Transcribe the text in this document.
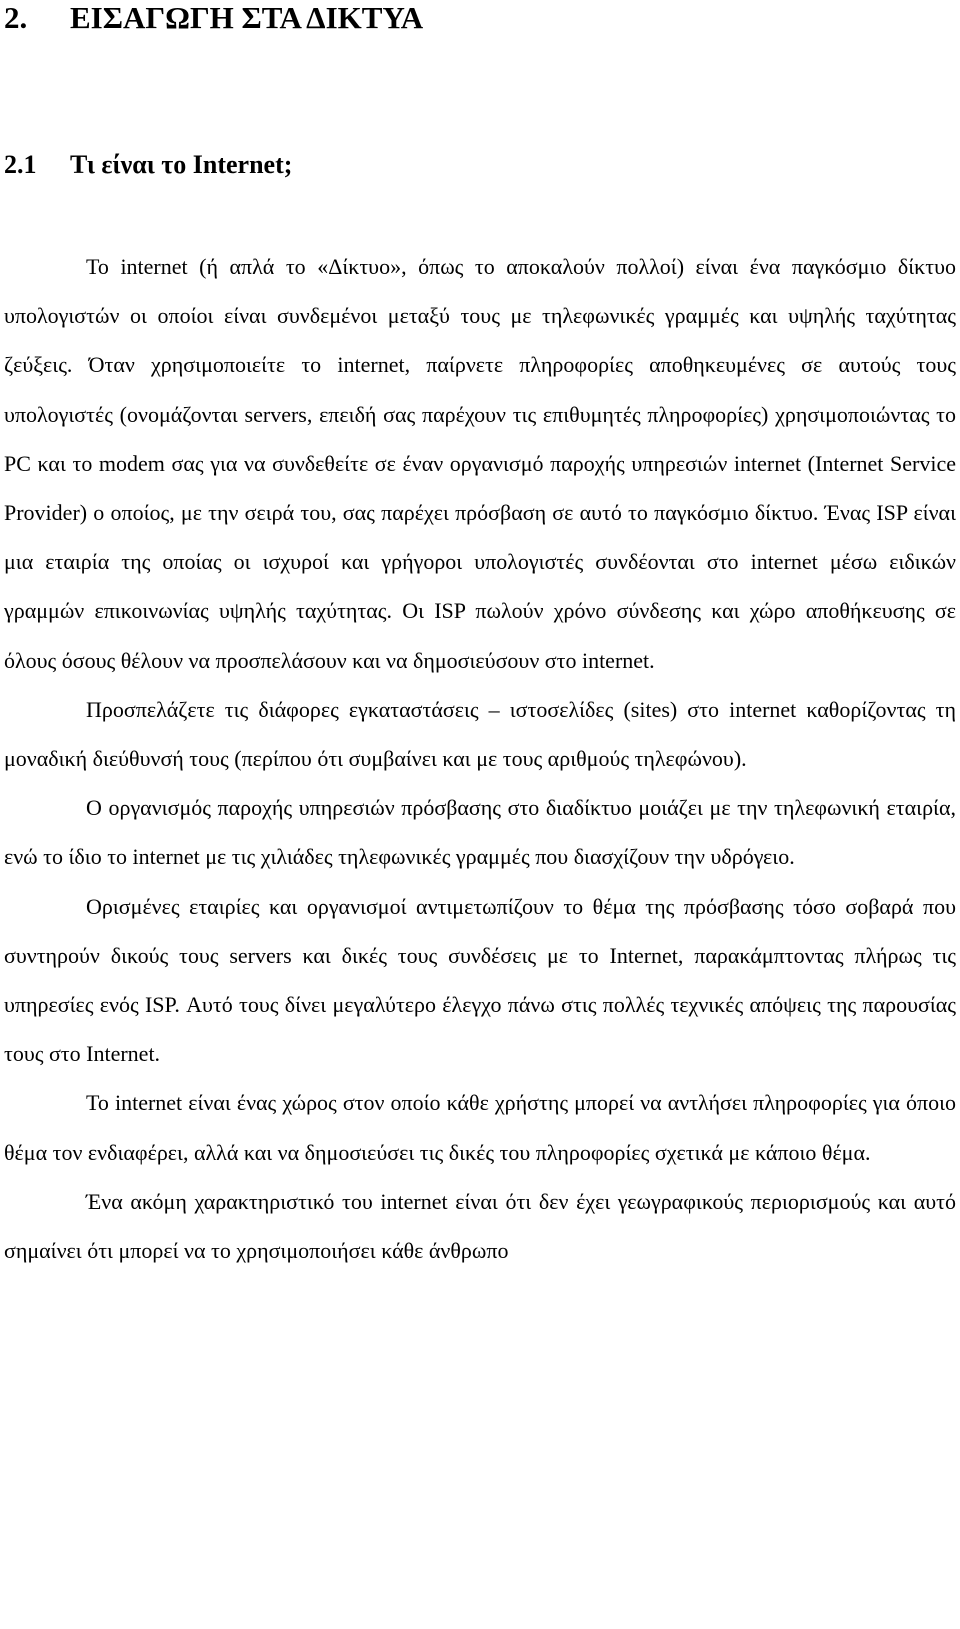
2. ΕΙΣΑΓΩΓΗ ΣΤΑ ΔΙΚΤΥΑ
2.1 Τι είναι το Internet;

Το internet (ή απλά το «Δίκτυο», όπως το αποκαλούν πολλοί) είναι ένα παγκόσμιο δίκτυο υπολογιστών οι οποίοι είναι συνδεμένοι μεταξύ τους με τηλεφωνικές γραμμές και υψηλής ταχύτητας ζεύξεις. Όταν χρησιμοποιείτε το internet, παίρνετε πληροφορίες αποθηκευμένες σε αυτούς τους υπολογιστές (ονομάζονται servers, επειδή σας παρέχουν τις επιθυμητές πληροφορίες) χρησιμοποιώντας το PC και το modem σας για να συνδεθείτε σε έναν οργανισμό παροχής υπηρεσιών internet (Internet Service Provider) ο οποίος, με την σειρά του, σας παρέχει πρόσβαση σε αυτό το παγκόσμιο δίκτυο. Ένας ISP είναι μια εταιρία της οποίας οι ισχυροί και γρήγοροι υπολογιστές συνδέονται στο internet μέσω ειδικών γραμμών επικοινωνίας υψηλής ταχύτητας. Οι ISP πωλούν χρόνο σύνδεσης και χώρο αποθήκευσης σε όλους όσους θέλουν να προσπελάσουν και να δημοσιεύσουν στο internet.

Προσπελάζετε τις διάφορες εγκαταστάσεις – ιστοσελίδες (sites) στο internet καθορίζοντας τη μοναδική διεύθυνσή τους (περίπου ότι συμβαίνει και με τους αριθμούς τηλεφώνου).

Ο οργανισμός παροχής υπηρεσιών πρόσβασης στο διαδίκτυο μοιάζει με την τηλεφωνική εταιρία, ενώ το ίδιο το internet με τις χιλιάδες τηλεφωνικές γραμμές που διασχίζουν την υδρόγειο.

Ορισμένες εταιρίες και οργανισμοί αντιμετωπίζουν το θέμα της πρόσβασης τόσο σοβαρά που συντηρούν δικούς τους servers και δικές τους συνδέσεις με το Internet, παρακάμπτοντας πλήρως τις υπηρεσίες ενός ISP. Αυτό τους δίνει μεγαλύτερο έλεγχο πάνω στις πολλές τεχνικές απόψεις της παρουσίας τους στο Internet.

Το internet είναι ένας χώρος στον οποίο κάθε χρήστης μπορεί να αντλήσει πληροφορίες για όποιο θέμα τον ενδιαφέρει, αλλά και να δημοσιεύσει τις δικές του πληροφορίες σχετικά με κάποιο θέμα.

Ένα ακόμη χαρακτηριστικό του internet είναι ότι δεν έχει γεωγραφικούς περιορισμούς και αυτό σημαίνει ότι μπορεί να το χρησιμοποιήσει κάθε άνθρωπο
